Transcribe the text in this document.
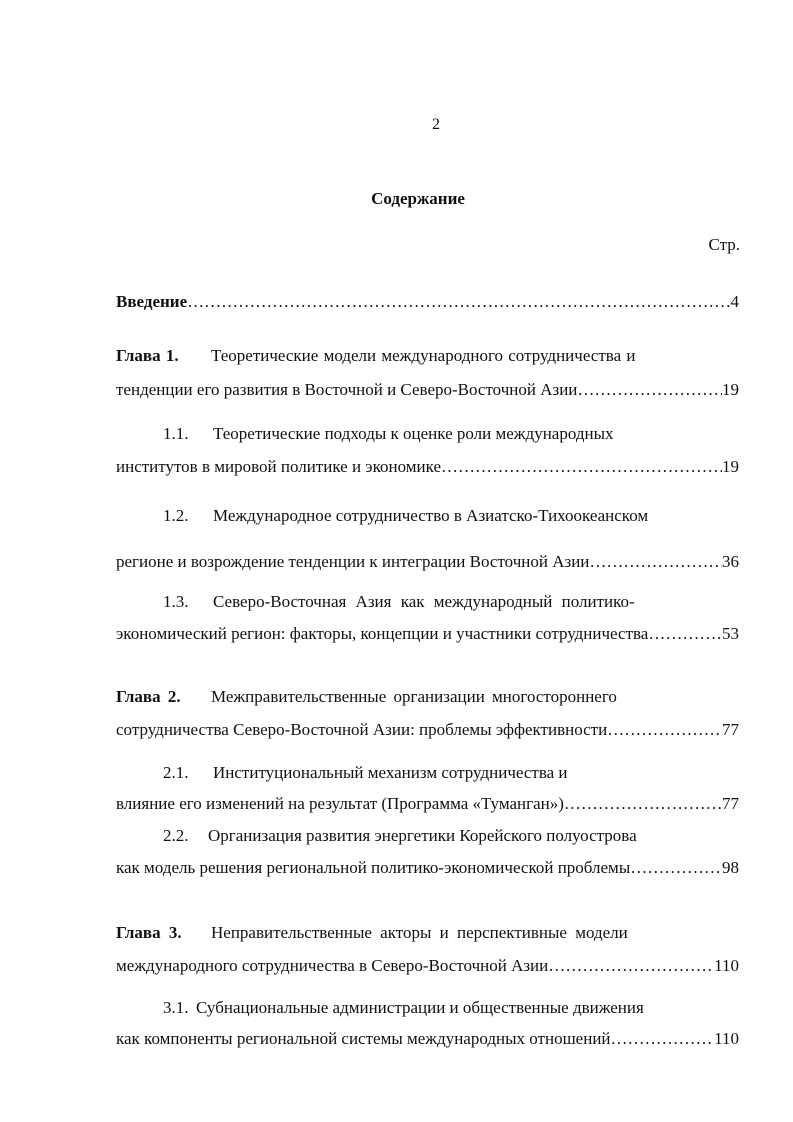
2
Содержание
Стр.
Введение ……………………………………………………………………………………………………………………………	4
Глава 1. Теоретические модели международного сотрудничества и
тенденции его развития в Восточной и Северо-Восточной Азии ……………………………………………………………………………………………………………………………	19
1.1. Теоретические подходы к оценке роли международных
институтов в мировой политике и экономике ……………………………………………………………………………………………………………………………	19
1.2. Международное сотрудничество в Азиатско-Тихоокеанском
регионе и возрождение тенденции к интеграции Восточной Азии ……………………………………………………………………………………………………………………………	36
1.3. Северо-Восточная Азия как международный политико-
экономический регион: факторы, концепции и участники сотрудничества ……………………………………………………………………………………………………………………………	53
Глава 2. Межправительственные организации многостороннего
сотрудничества Северо-Восточной Азии: проблемы эффективности ……………………………………………………………………………………………………………………………	77
2.1. Институциональный механизм сотрудничества и
влияние его изменений на результат (Программа «Туманган») ……………………………………………………………………………………………………………………………	77
2.2. Организация развития энергетики Корейского полуострова
как модель решения региональной политико-экономической проблемы ……………………………………………………………………………………………………………………………	98
Глава 3. Неправительственные акторы и перспективные модели
международного сотрудничества в Северо-Восточной Азии ……………………………………………………………………………………………………………………………	110
3.1. Субнациональные администрации и общественные движения
как компоненты региональной системы международных отношений ……………………………………………………………………………………………………………………………	110
